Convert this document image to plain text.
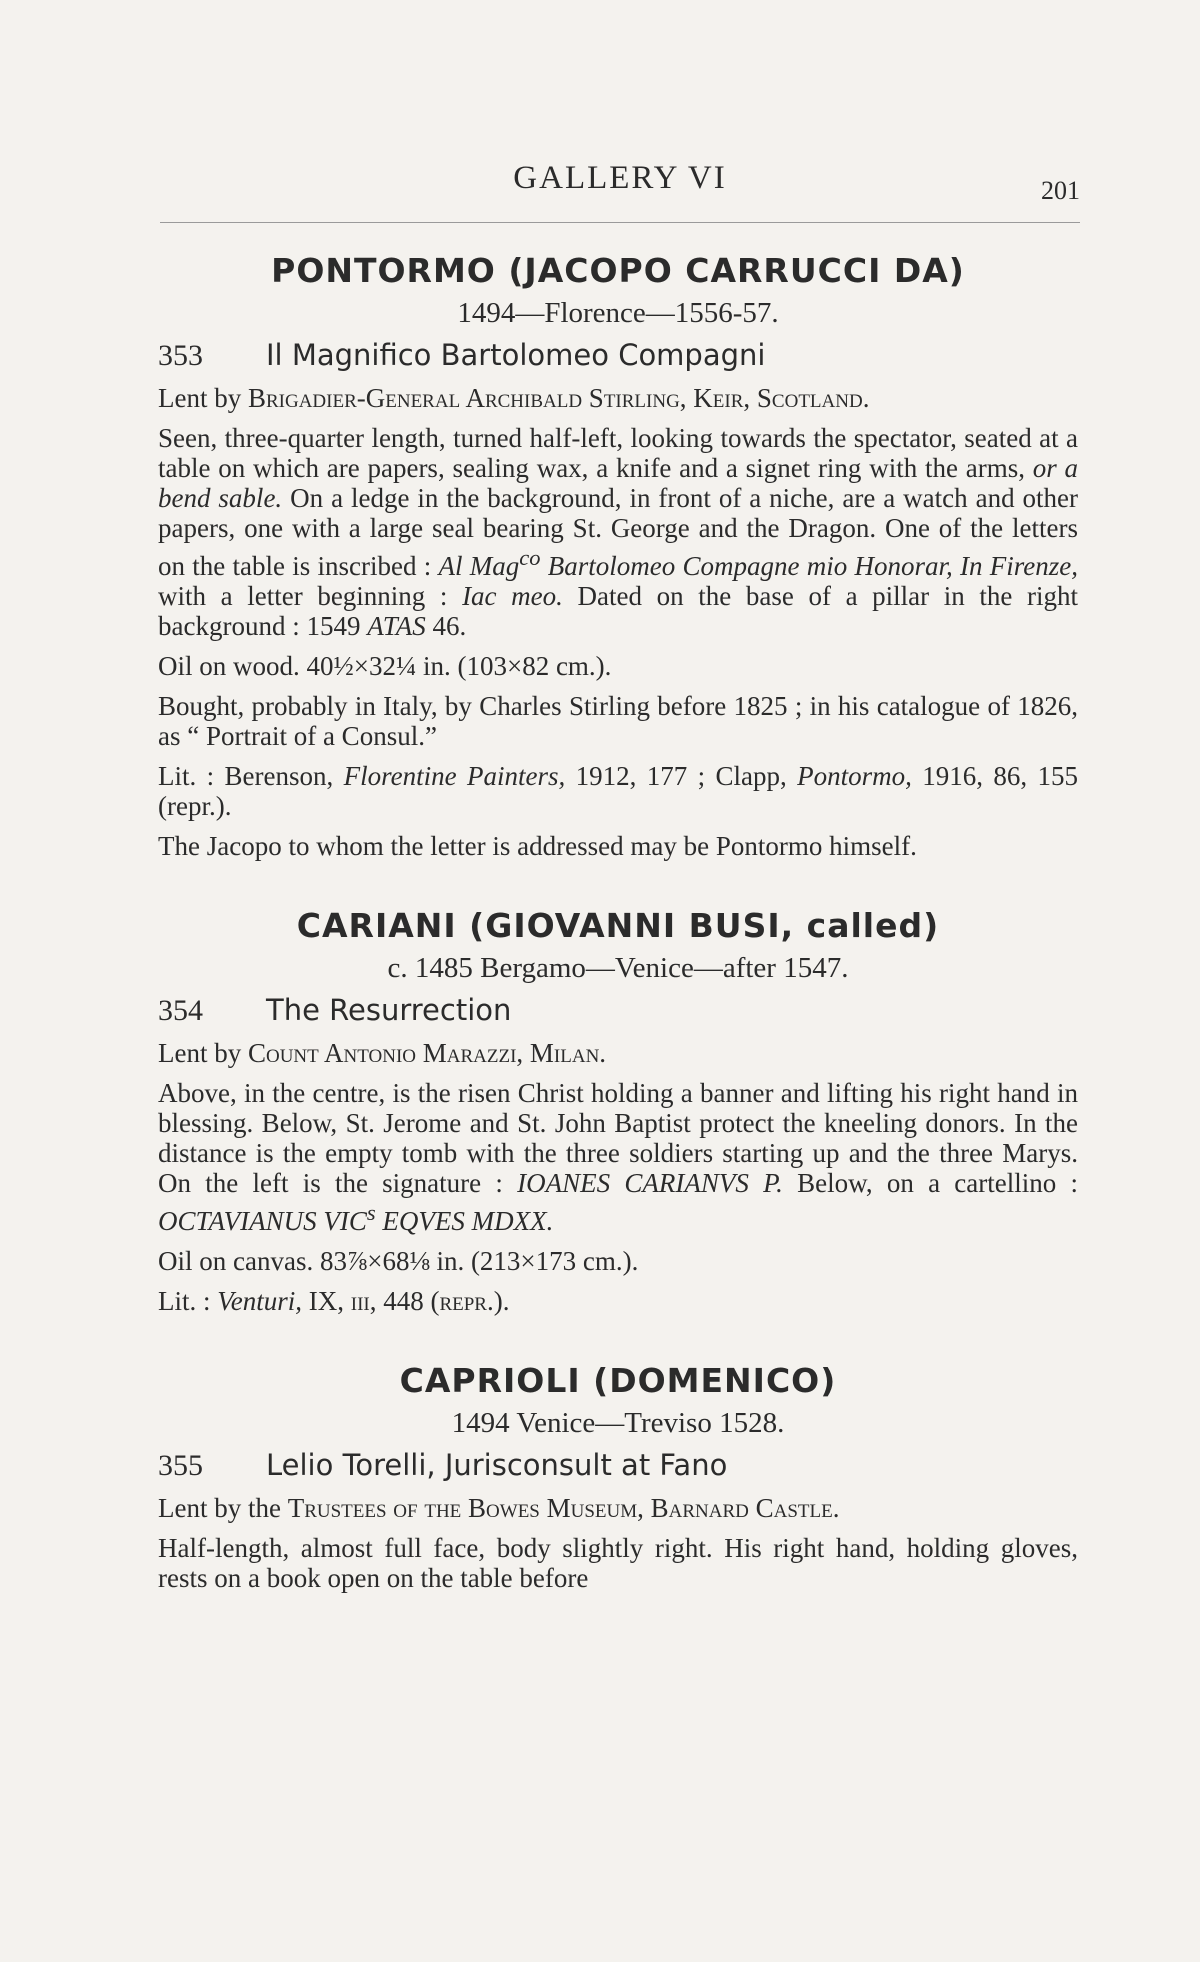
GALLERY VI	201
PONTORMO (JACOPO CARRUCCI DA)
1494—Florence—1556-57.
353 Il Magnifico Bartolomeo Compagni

Lent by Brigadier-General Archibald Stirling, Keir, Scotland.

Seen, three-quarter length, turned half-left, looking towards the spectator, seated at a table on which are papers, sealing wax, a knife and a signet ring with the arms, or a bend sable. On a ledge in the background, in front of a niche, are a watch and other papers, one with a large seal bearing St. George and the Dragon. One of the letters on the table is inscribed : Al Mag$^{co}$ Bartolomeo Compagne mio Honorar, In Firenze, with a letter beginning : Iac meo. Dated on the base of a pillar in the right background : 1549 ATAS 46.

Oil on wood. 40½×32¼ in. (103×82 cm.).

Bought, probably in Italy, by Charles Stirling before 1825 ; in his catalogue of 1826, as “ Portrait of a Consul.”

Lit. : Berenson, Florentine Painters, 1912, 177 ; Clapp, Pontormo, 1916, 86, 155 (repr.).

The Jacopo to whom the letter is addressed may be Pontormo himself.

CARIANI (GIOVANNI BUSI, called)
c. 1485 Bergamo—Venice—after 1547.
354 The Resurrection

Lent by Count Antonio Marazzi, Milan.

Above, in the centre, is the risen Christ holding a banner and lifting his right hand in blessing. Below, St. Jerome and St. John Baptist protect the kneeling donors. In the distance is the empty tomb with the three soldiers starting up and the three Marys. On the left is the signature : IOANES CARIANVS P. Below, on a cartellino : OCTAVIANUS VIC$^s$ EQVES MDXX.

Oil on canvas. 83⅞×68⅛ in. (213×173 cm.).

Lit. : Venturi, IX, iii, 448 (repr.).

CAPRIOLI (DOMENICO)
1494 Venice—Treviso 1528.
355 Lelio Torelli, Jurisconsult at Fano

Lent by the Trustees of the Bowes Museum, Barnard Castle.

Half-length, almost full face, body slightly right. His right hand, holding gloves, rests on a book open on the table before
